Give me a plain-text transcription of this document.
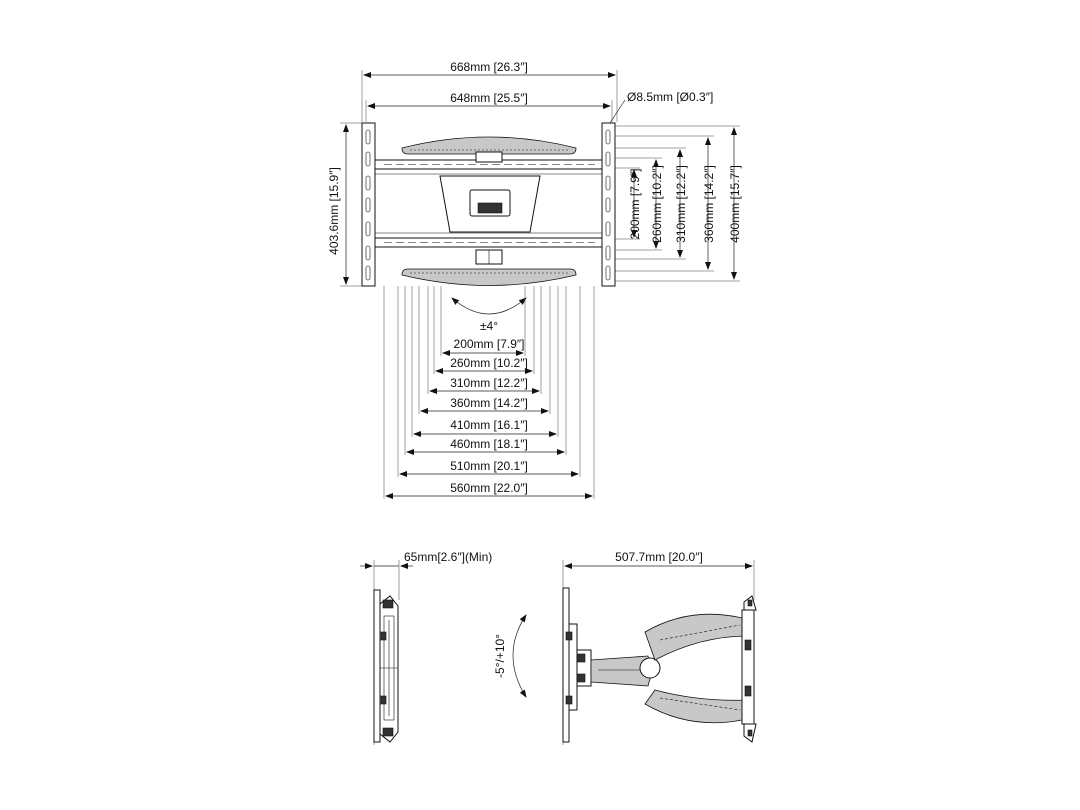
668mm [26.3″]
648mm [25.5″]	Ø8.5mm [Ø0.3″]
403.6mm [15.9″]
±4°
200mm [7.9″] 260mm [10.2″] 310mm [12.2″] 360mm [14.2″] 400mm [15.7″]
200mm [7.9″]
260mm [10.2″]
310mm [12.2″]
360mm [14.2″]
410mm [16.1″]
460mm [18.1″]
510mm [20.1″]
560mm [22.0″]
65mm[2.6″](Min)
-5°/+10°
507.7mm [20.0″]
